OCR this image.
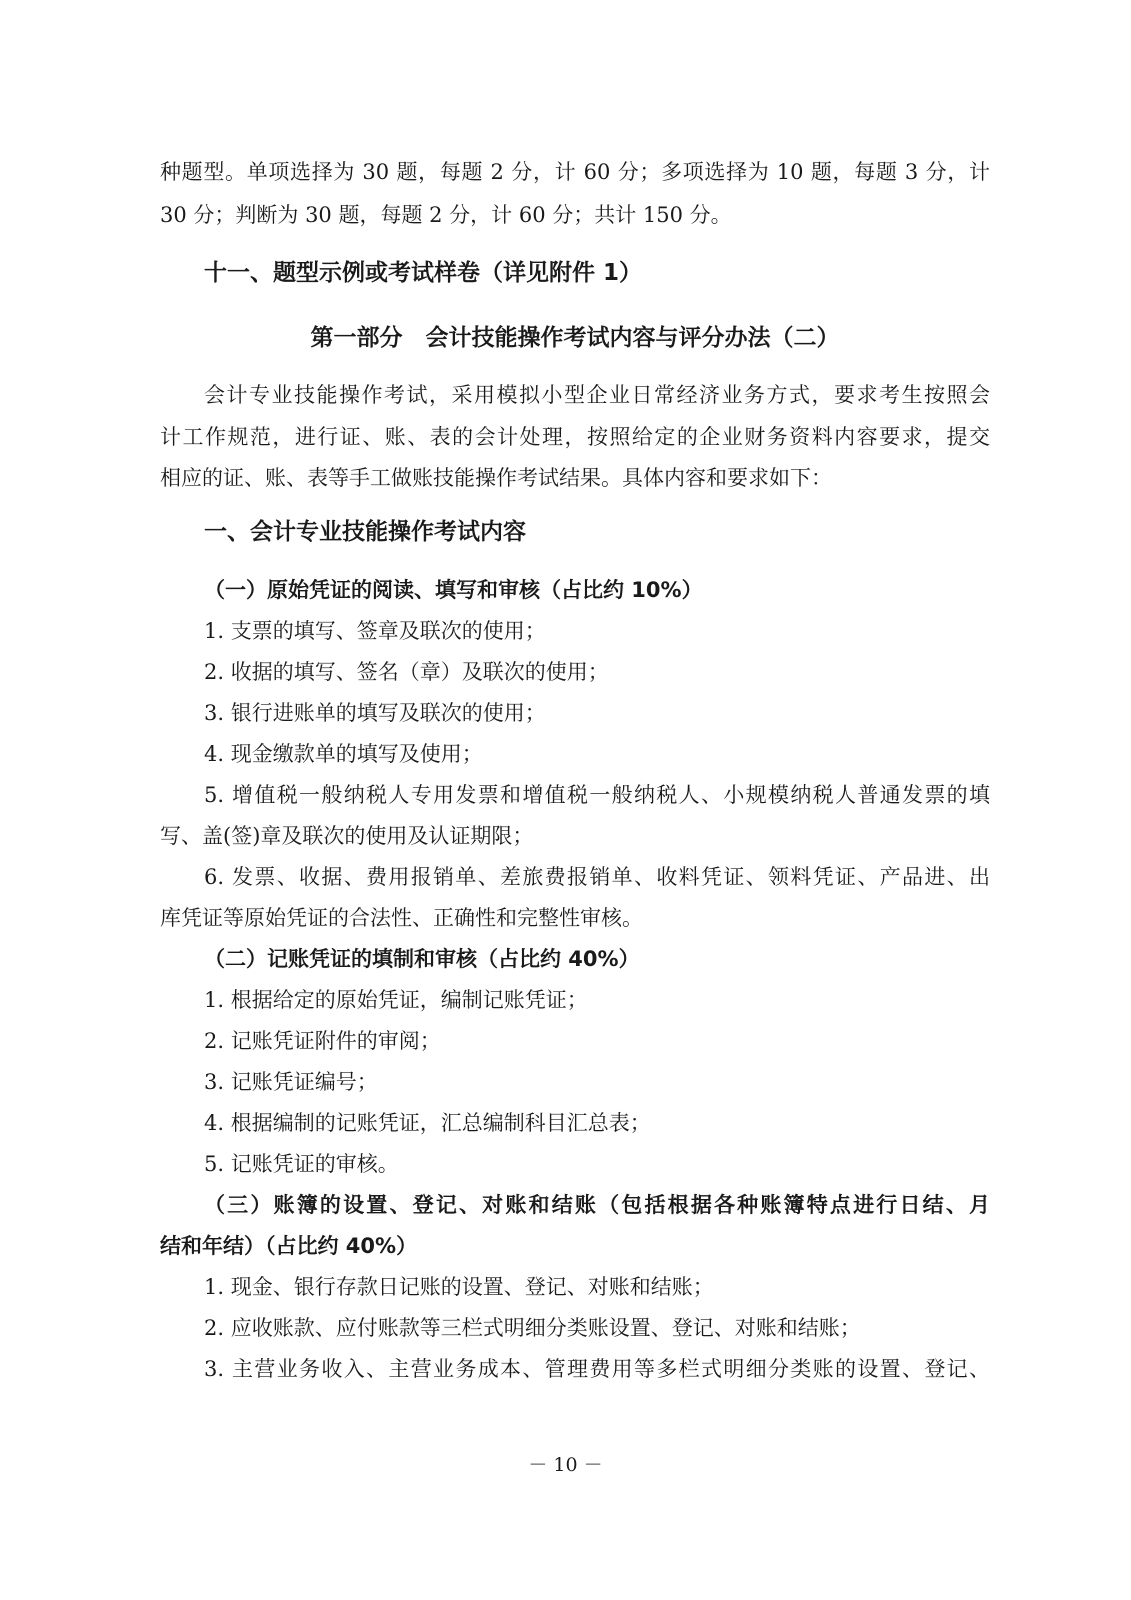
种题型。单项选择为 30 题，每题 2 分，计 60 分；多项选择为 10 题，每题 3 分，计
30 分；判断为 30 题，每题 2 分，计 60 分；共计 150 分。
十一、题型示例或考试样卷（详见附件 1）
第一部分　会计技能操作考试内容与评分办法（二）
会计专业技能操作考试，采用模拟小型企业日常经济业务方式，要求考生按照会
计工作规范，进行证、账、表的会计处理，按照给定的企业财务资料内容要求，提交
相应的证、账、表等手工做账技能操作考试结果。具体内容和要求如下：
一、会计专业技能操作考试内容
（一）原始凭证的阅读、填写和审核（占比约 10%）
1. 支票的填写、签章及联次的使用；
2. 收据的填写、签名（章）及联次的使用；
3. 银行进账单的填写及联次的使用；
4. 现金缴款单的填写及使用；
5. 增值税一般纳税人专用发票和增值税一般纳税人、小规模纳税人普通发票的填
写、盖(签)章及联次的使用及认证期限；
6. 发票、收据、费用报销单、差旅费报销单、收料凭证、领料凭证、产品进、出
库凭证等原始凭证的合法性、正确性和完整性审核。
（二）记账凭证的填制和审核（占比约 40%）
1. 根据给定的原始凭证，编制记账凭证；
2. 记账凭证附件的审阅；
3. 记账凭证编号；
4. 根据编制的记账凭证，汇总编制科目汇总表；
5. 记账凭证的审核。
（三）账簿的设置、登记、对账和结账（包括根据各种账簿特点进行日结、月
结和年结）（占比约 40%）
1. 现金、银行存款日记账的设置、登记、对账和结账；
2. 应收账款、应付账款等三栏式明细分类账设置、登记、对账和结账；
3. 主营业务收入、主营业务成本、管理费用等多栏式明细分类账的设置、登记、
－ 10 －
